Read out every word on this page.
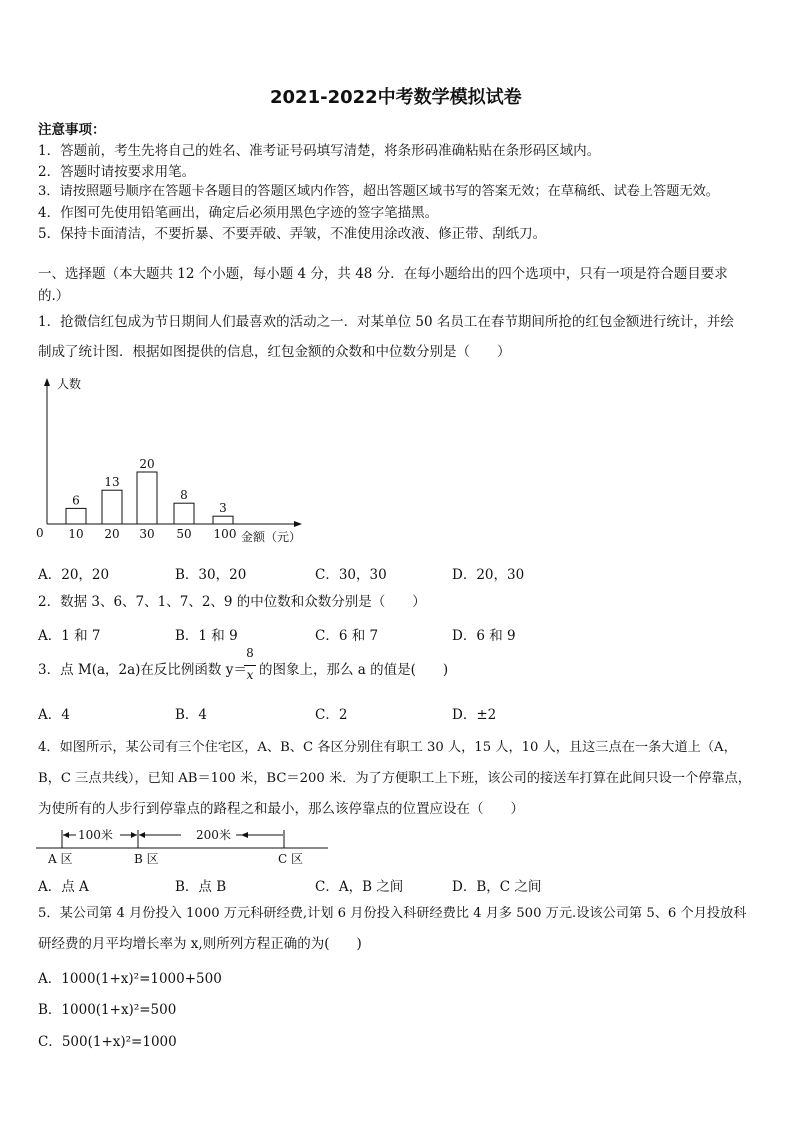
2021-2022中考数学模拟试卷
注意事项：
1．答题前，考生先将自己的姓名、准考证号码填写清楚，将条形码准确粘贴在条形码区域内。
2．答题时请按要求用笔。
3．请按照题号顺序在答题卡各题目的答题区域内作答，超出答题区域书写的答案无效；在草稿纸、试卷上答题无效。
4．作图可先使用铅笔画出，确定后必须用黑色字迹的签字笔描黑。
5．保持卡面清洁，不要折暴、不要弄破、弄皱，不准使用涂改液、修正带、刮纸刀。
一、选择题（本大题共 12 个小题，每小题 4 分，共 48 分．在每小题给出的四个选项中，只有一项是符合题目要求
的.）
1．抢微信红包成为节日期间人们最喜欢的活动之一．对某单位 50 名员工在春节期间所抢的红包金额进行统计，并绘
制成了统计图．根据如图提供的信息，红包金额的众数和中位数分别是（　　）
人数
金额（元）
0
6
10
13
20
20
30
8
50
3
100
A．20，20	B．30，20	C．30，30	D．20，30
2．数据 3、6、7、1、7、2、9 的中位数和众数分别是（　　）
A．1 和 7	B．1 和 9	C．6 和 7	D．6 和 9
3．点 M(a，2a)在反比例函数 y＝
8
x 的图象上，那么 a 的值是(　　)
A．4	B．4	C．2	D．±2
4．如图所示，某公司有三个住宅区，A、B、C 各区分别住有职工 30 人，15 人，10 人，且这三点在一条大道上（A，
B，C 三点共线），已知 AB＝100 米，BC＝200 米．为了方便职工上下班，该公司的接送车打算在此间只设一个停靠点，
为使所有的人步行到停靠点的路程之和最小，那么该停靠点的位置应设在（　　）
100米	200米
A 区	B 区	C 区
A．点 A	B．点 B	C．A，B 之间	D．B，C 之间
5．某公司第 4 月份投入 1000 万元科研经费,计划 6 月份投入科研经费比 4 月多 500 万元.设该公司第 5、6 个月投放科
研经费的月平均增长率为 x,则所列方程正确的为(　　)
A．1000(1+x)²=1000+500
B．1000(1+x)²=500
C．500(1+x)²=1000
